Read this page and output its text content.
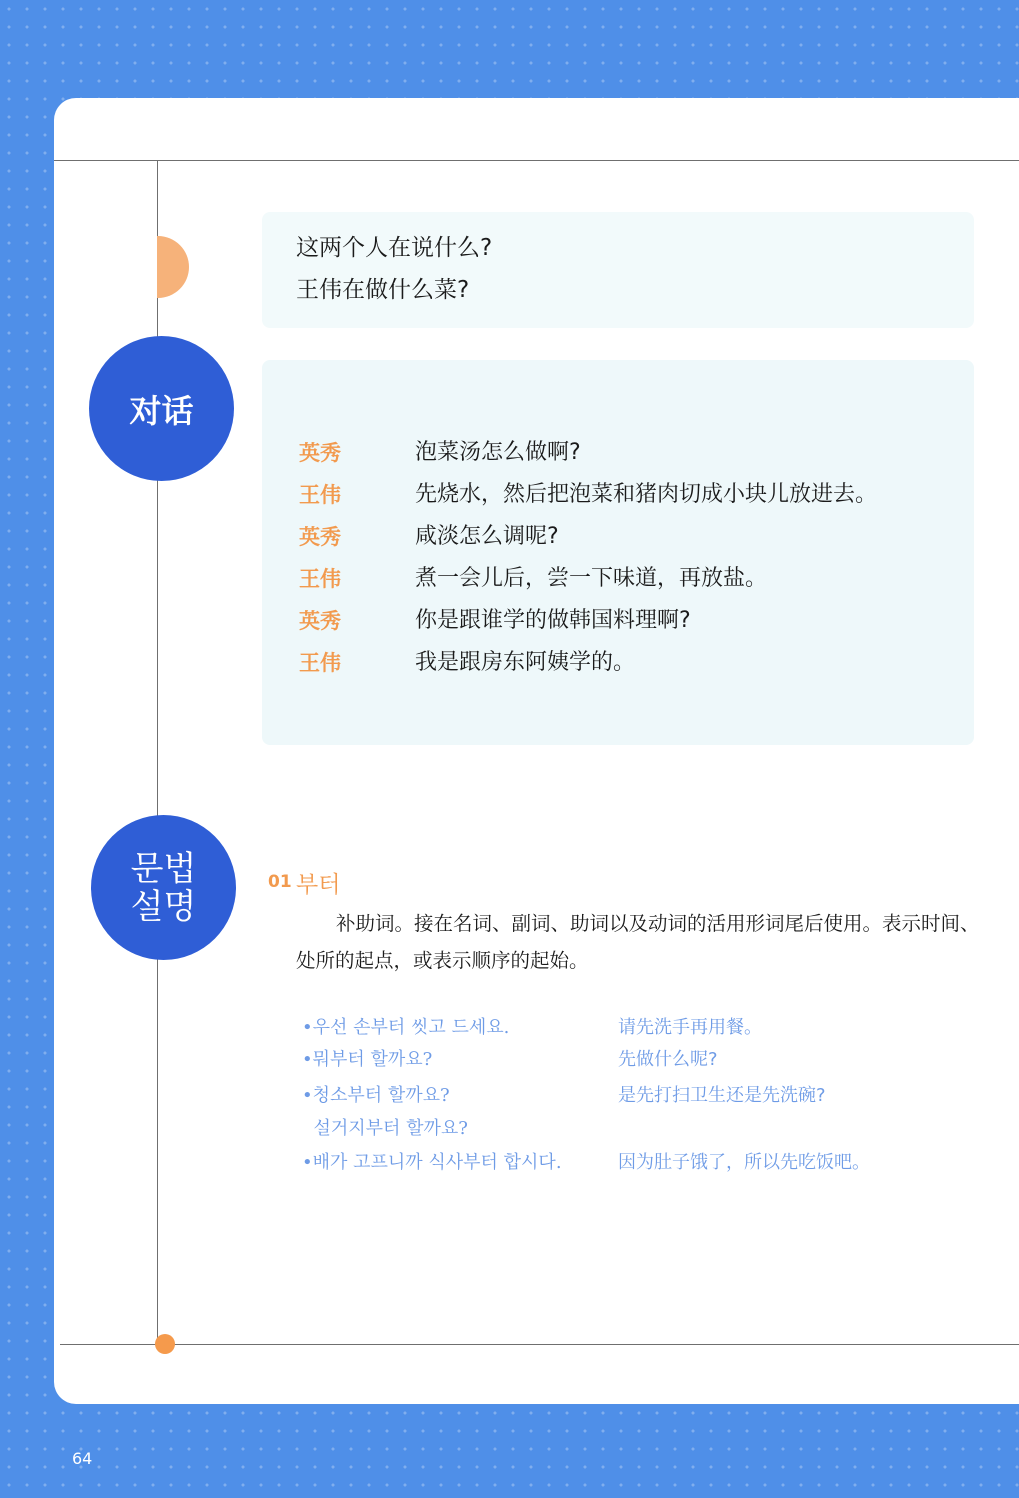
这两个人在说什么?
王伟在做什么菜?
对话
英秀	泡菜汤怎么做啊?
王伟	先烧水，然后把泡菜和猪肉切成小块儿放进去。
英秀	咸淡怎么调呢?
王伟	煮一会儿后，尝一下味道，再放盐。
英秀	你是跟谁学的做韩国料理啊?
王伟	我是跟房东阿姨学的。
문법 설명
01 부터
补助词。接在名词、副词、助词以及动词的活用形词尾后使用。表示时间、处所的起点，或表示顺序的起始。
•우선 손부터 씻고 드세요.	请先洗手再用餐。
•뭐부터 할까요?	先做什么呢?
•청소부터 할까요?	是先打扫卫生还是先洗碗?
설거지부터 할까요?
•배가 고프니까 식사부터 합시다.	因为肚子饿了，所以先吃饭吧。
64
